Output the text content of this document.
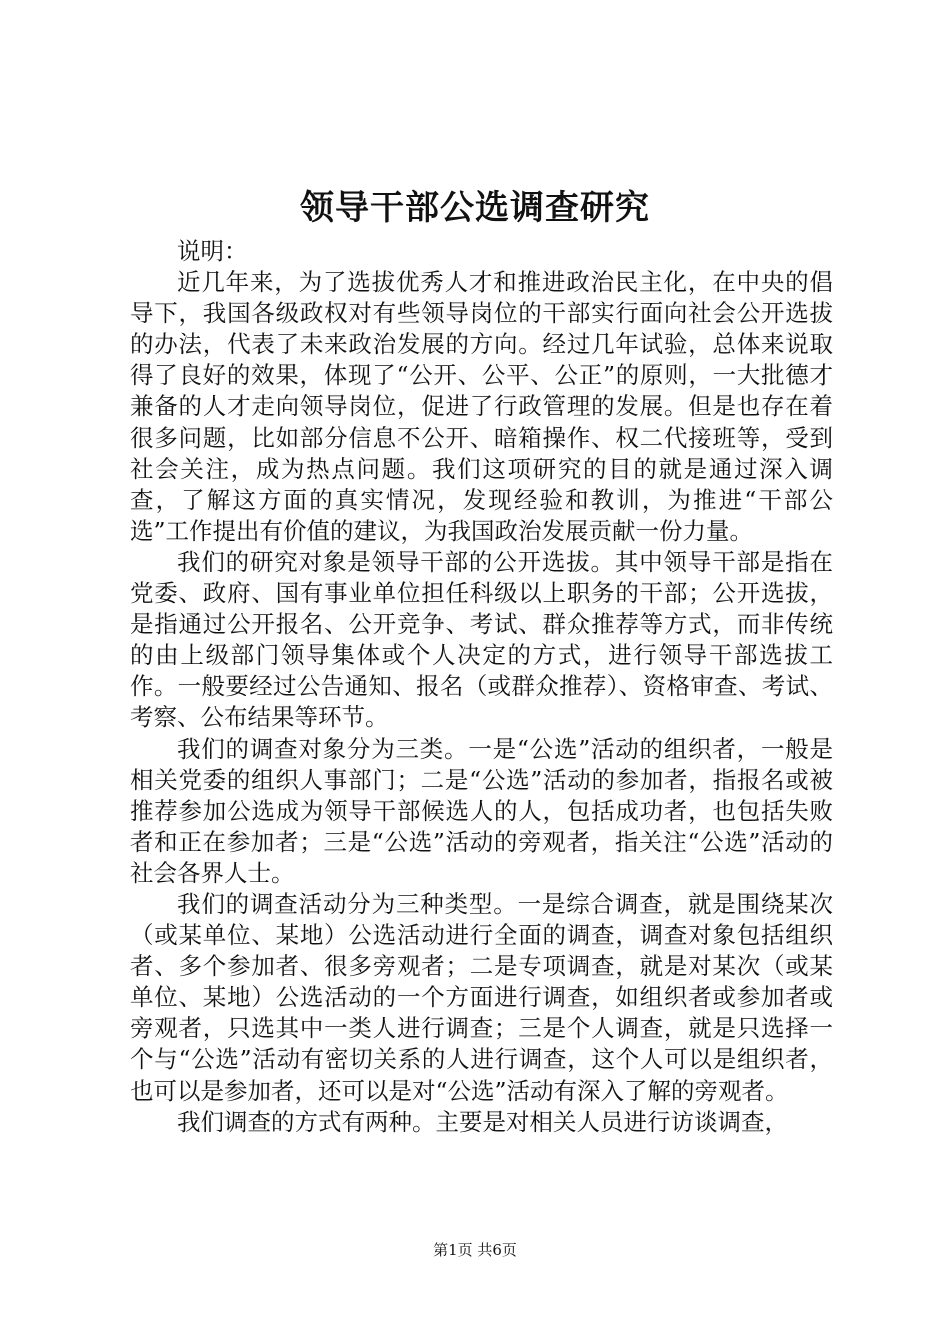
领导干部公选调查研究

说明：

近几年来，为了选拔优秀人才和推进政治民主化，在中央的倡导下，我国各级政权对有些领导岗位的干部实行面向社会公开选拔的办法，代表了未来政治发展的方向。经过几年试验，总体来说取得了良好的效果，体现了“公开、公平、公正”的原则，一大批德才兼备的人才走向领导岗位，促进了行政管理的发展。但是也存在着很多问题，比如部分信息不公开、暗箱操作、权二代接班等，受到社会关注，成为热点问题。我们这项研究的目的就是通过深入调查，了解这方面的真实情况，发现经验和教训，为推进“干部公选”工作提出有价值的建议，为我国政治发展贡献一份力量。

我们的研究对象是领导干部的公开选拔。其中领导干部是指在党委、政府、国有事业单位担任科级以上职务的干部；公开选拔，是指通过公开报名、公开竞争、考试、群众推荐等方式，而非传统的由上级部门领导集体或个人决定的方式，进行领导干部选拔工作。一般要经过公告通知、报名（或群众推荐）、资格审查、考试、考察、公布结果等环节。

我们的调查对象分为三类。一是“公选”活动的组织者，一般是相关党委的组织人事部门；二是“公选”活动的参加者，指报名或被推荐参加公选成为领导干部候选人的人，包括成功者，也包括失败者和正在参加者；三是“公选”活动的旁观者，指关注“公选”活动的社会各界人士。

我们的调查活动分为三种类型。一是综合调查，就是围绕某次（或某单位、某地）公选活动进行全面的调查，调查对象包括组织者、多个参加者、很多旁观者；二是专项调查，就是对某次（或某单位、某地）公选活动的一个方面进行调查，如组织者或参加者或旁观者，只选其中一类人进行调查；三是个人调查，就是只选择一个与“公选”活动有密切关系的人进行调查，这个人可以是组织者，也可以是参加者，还可以是对“公选”活动有深入了解的旁观者。

我们调查的方式有两种。主要是对相关人员进行访谈调查，

第1页 共6页
